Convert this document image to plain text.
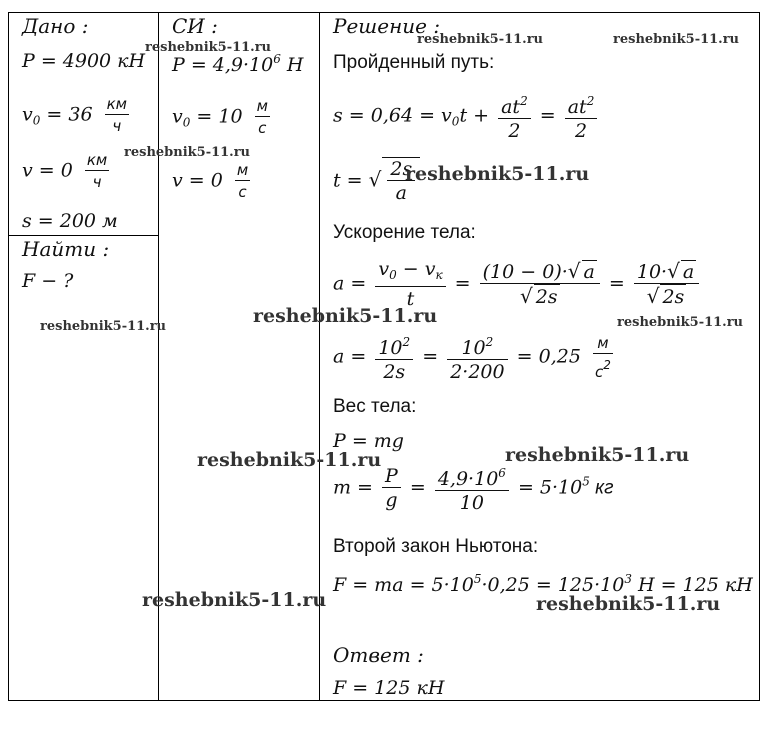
Дано :
P = 4900 кН
$v_0 = 36 \frac{км}{ч}$
$v = 0 \frac{км}{ч}$
s = 200 м
Найти :
F − ?
СИ :
$P = 4,9\cdot 10^6$ Н
$v_0 = 10 \frac{м}{с}$
$v = 0 \frac{м}{с}$
Решение :
Пройденный путь:
$s = 0,64 = v_0t + \frac{at^2}{2} = \frac{at^2}{2}$
t = √ $\frac{2s}{a}$
Ускорение тела:
$a = \frac{v_0 - v_к}{t} = \frac{(10 - 0)\cdot√ a}{√ 2s} = \frac{10\cdot√ a}{√ 2s}$
$a = \frac{10^2}{2s} = \frac{10^2}{2\cdot 200} = 0,25 \frac{м}{с^2}$
Вес тела:
P = mg
$m = \frac{P}{g} = \frac{4,9\cdot 10^6}{10} = 5\cdot 10^5$ кг
Второй закон Ньютона:
F = ma = $5\cdot 10^5\cdot 0,25 = 125\cdot 10^3$ Н = 125 кН
Ответ :
F = 125 кН
reshebnik5-11.ru
reshebnik5-11.ru	reshebnik5-11.ru
reshebnik5-11.ru
reshebnik5-11.ru
reshebnik5-11.ru	reshebnik5-11.ru	reshebnik5-11.ru
reshebnik5-11.ru
reshebnik5-11.ru
reshebnik5-11.ru	reshebnik5-11.ru
